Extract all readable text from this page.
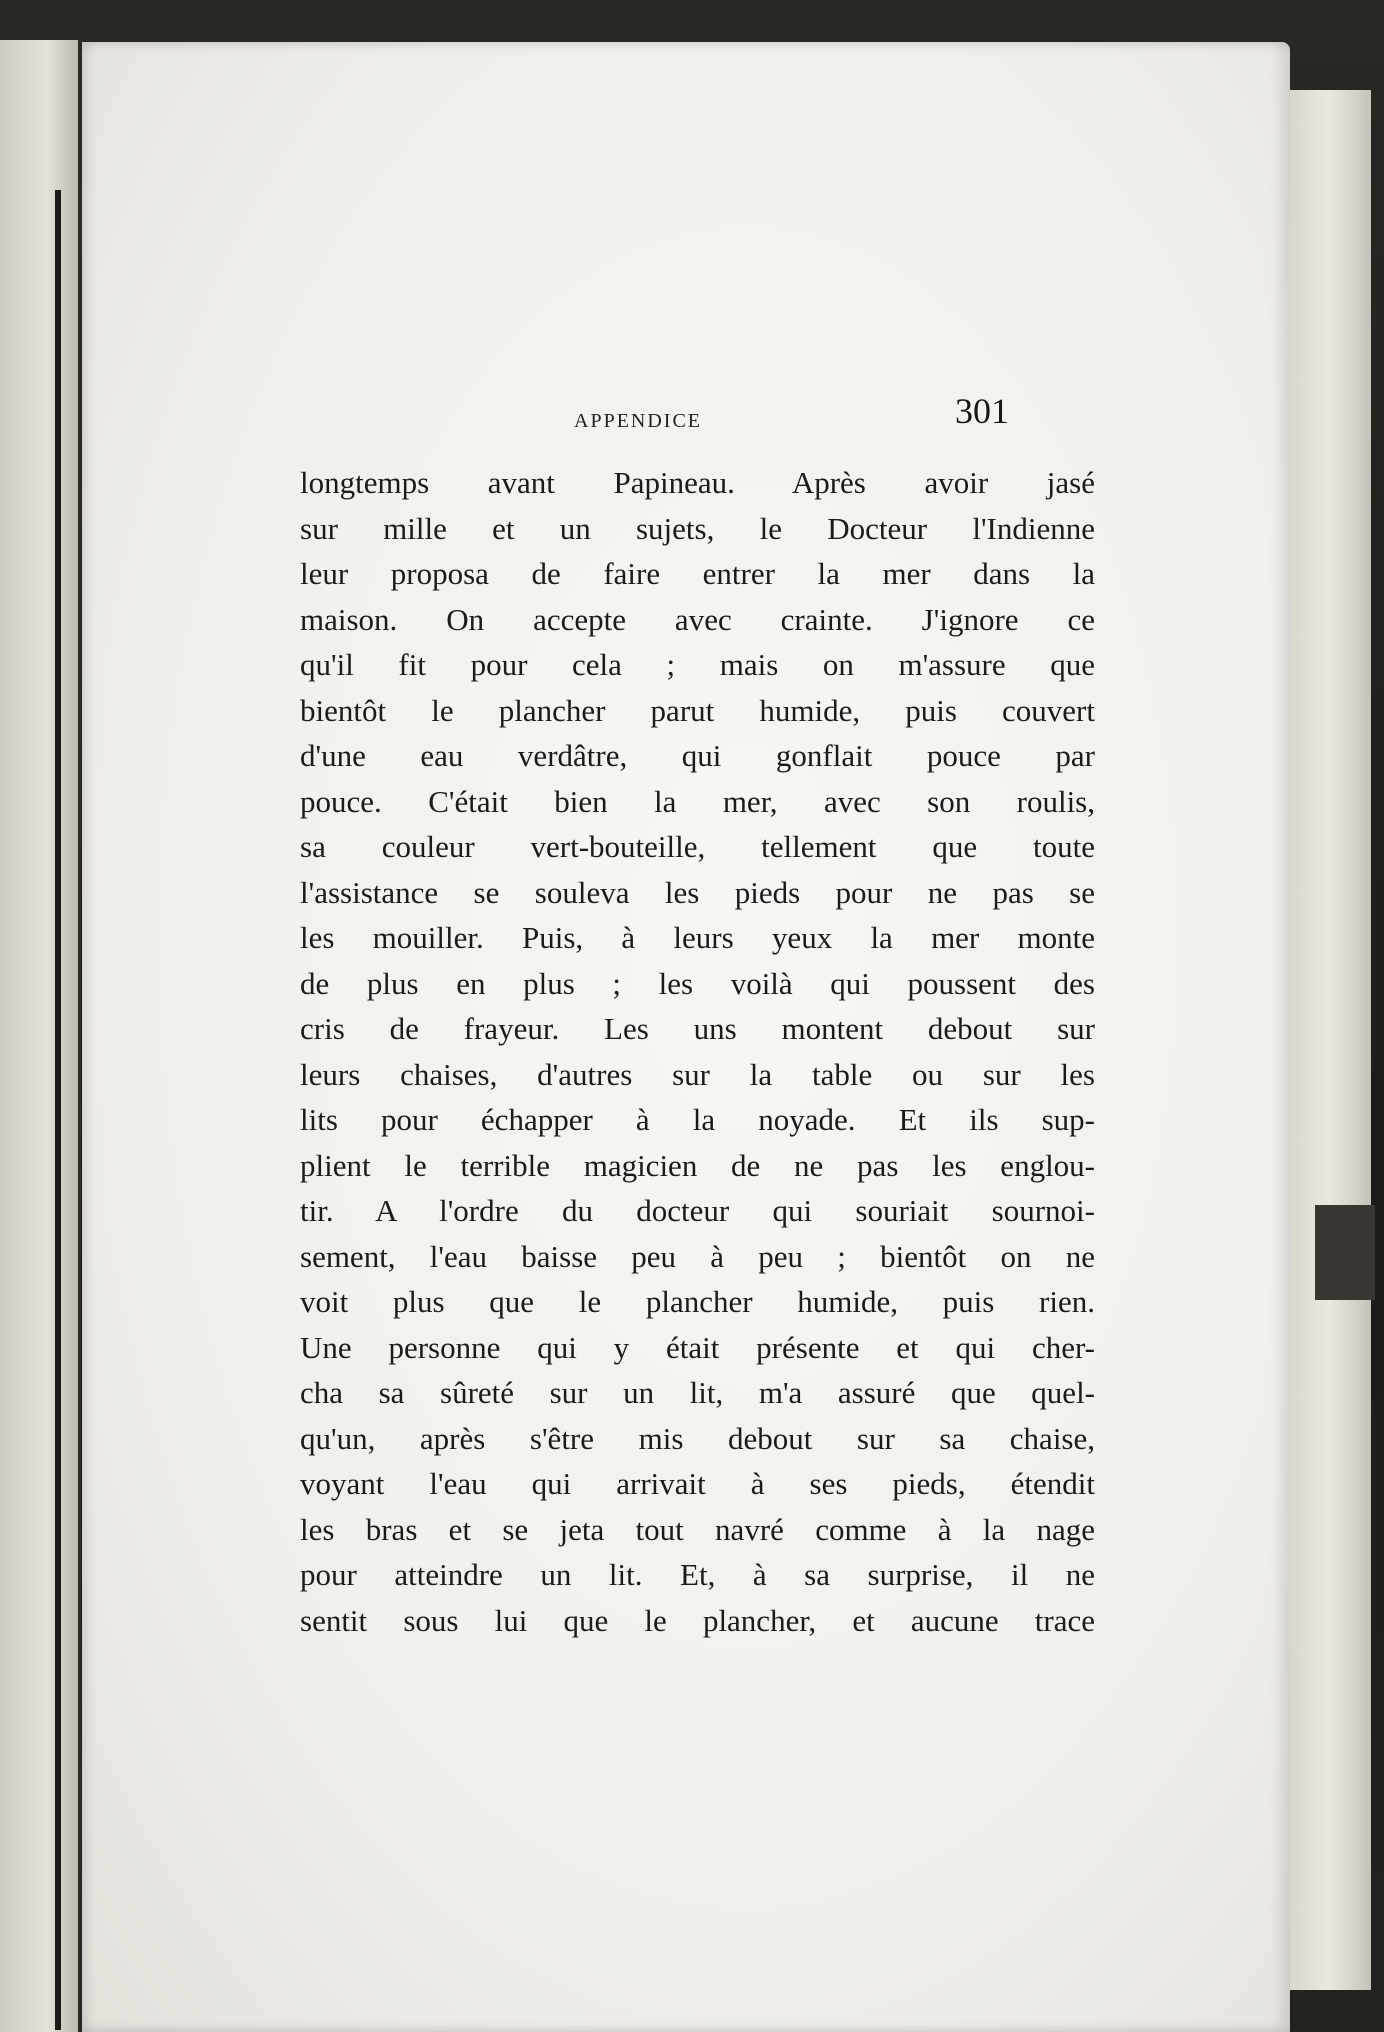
APPENDICE	301
longtemps avant Papineau. Après avoir jasé
sur mille et un sujets, le Docteur l'Indienne
leur proposa de faire entrer la mer dans la
maison. On accepte avec crainte. J'ignore ce
qu'il fit pour cela ; mais on m'assure que
bientôt le plancher parut humide, puis couvert
d'une eau verdâtre, qui gonflait pouce par
pouce. C'était bien la mer, avec son roulis,
sa couleur vert-bouteille, tellement que toute
l'assistance se souleva les pieds pour ne pas se
les mouiller. Puis, à leurs yeux la mer monte
de plus en plus ; les voilà qui poussent des
cris de frayeur. Les uns montent debout sur
leurs chaises, d'autres sur la table ou sur les
lits pour échapper à la noyade. Et ils sup-
plient le terrible magicien de ne pas les englou-
tir. A l'ordre du docteur qui souriait sournoi-
sement, l'eau baisse peu à peu ; bientôt on ne
voit plus que le plancher humide, puis rien.
Une personne qui y était présente et qui cher-
cha sa sûreté sur un lit, m'a assuré que quel-
qu'un, après s'être mis debout sur sa chaise,
voyant l'eau qui arrivait à ses pieds, étendit
les bras et se jeta tout navré comme à la nage
pour atteindre un lit. Et, à sa surprise, il ne
sentit sous lui que le plancher, et aucune trace
